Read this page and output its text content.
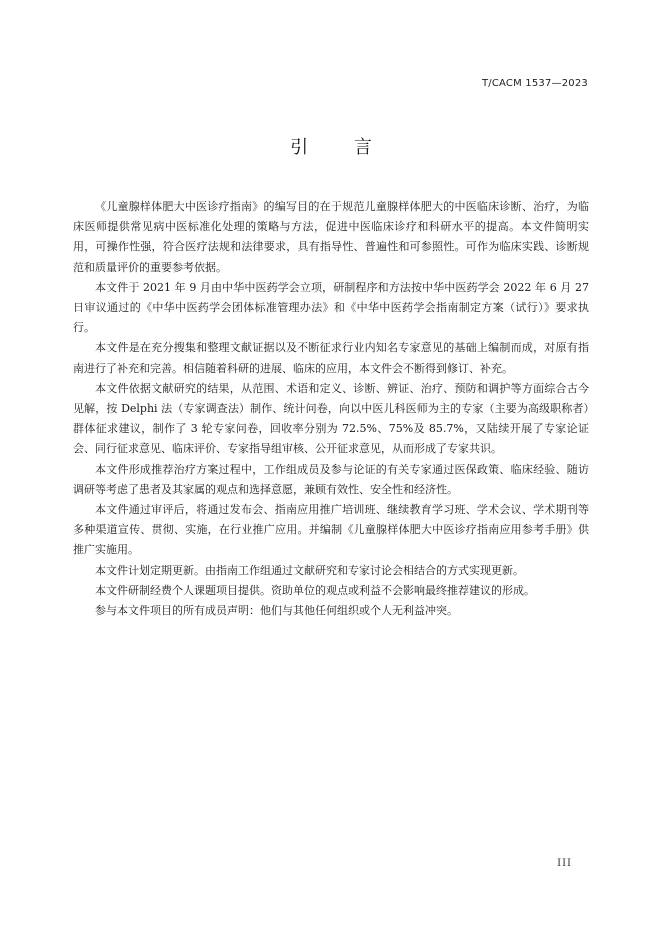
T/CACM 1537—2023
引 言

《儿童腺样体肥大中医诊疗指南》的编写目的在于规范儿童腺样体肥大的中医临床诊断、治疗，为临床医师提供常见病中医标准化处理的策略与方法，促进中医临床诊疗和科研水平的提高。本文件简明实用，可操作性强，符合医疗法规和法律要求，具有指导性、普遍性和可参照性。可作为临床实践、诊断规范和质量评价的重要参考依据。

本文件于 2021 年 9 月由中华中医药学会立项，研制程序和方法按中华中医药学会 2022 年 6 月 27 日审议通过的《中华中医药学会团体标准管理办法》和《中华中医药学会指南制定方案（试行）》要求执行。

本文件是在充分搜集和整理文献证据以及不断征求行业内知名专家意见的基础上编制而成，对原有指南进行了补充和完善。相信随着科研的进展、临床的应用，本文件会不断得到修订、补充。

本文件依据文献研究的结果，从范围、术语和定义、诊断、辨证、治疗、预防和调护等方面综合古今见解，按 Delphi 法（专家调查法）制作、统计问卷，向以中医儿科医师为主的专家（主要为高级职称者）群体征求建议，制作了 3 轮专家问卷，回收率分别为 72.5%、75%及 85.7%，又陆续开展了专家论证会、同行征求意见、临床评价、专家指导组审核、公开征求意见，从而形成了专家共识。

本文件形成推荐治疗方案过程中，工作组成员及参与论证的有关专家通过医保政策、临床经验、随访调研等考虑了患者及其家属的观点和选择意愿，兼顾有效性、安全性和经济性。

本文件通过审评后，将通过发布会、指南应用推广培训班、继续教育学习班、学术会议、学术期刊等多种渠道宣传、贯彻、实施，在行业推广应用。并编制《儿童腺样体肥大中医诊疗指南应用参考手册》供推广实施用。

本文件计划定期更新。由指南工作组通过文献研究和专家讨论会相结合的方式实现更新。

本文件研制经费个人课题项目提供。资助单位的观点或利益不会影响最终推荐建议的形成。

参与本文件项目的所有成员声明：他们与其他任何组织或个人无利益冲突。

III
